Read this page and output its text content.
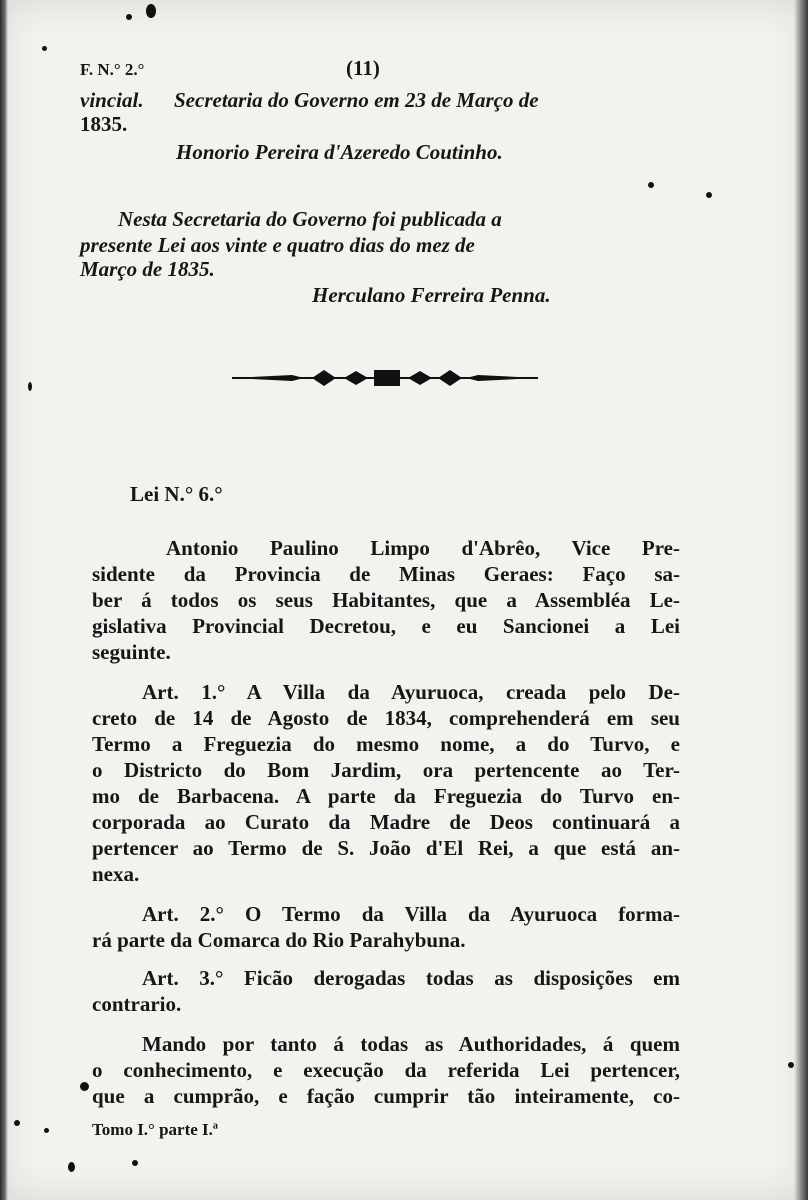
F. N.° 2.°	(11)
vincial. Secretaria do Governo em 23 de Março de
1835.
Honorio Pereira d'Azeredo Coutinho.
Nesta Secretaria do Governo foi publicada a
presente Lei aos vinte e quatro dias do mez de
Março de 1835.
Herculano Ferreira Penna.
Lei N.° 6.°
Antonio Paulino Limpo d'Abrêo, Vice Pre-
sidente da Provincia de Minas Geraes: Faço sa-
ber á todos os seus Habitantes, que a Assembléa Le-
gislativa Provincial Decretou, e eu Sancionei a Lei
seguinte.
Art. 1.° A Villa da Ayuruoca, creada pelo De-
creto de 14 de Agosto de 1834, comprehenderá em seu
Termo a Freguezia do mesmo nome, a do Turvo, e
o Districto do Bom Jardim, ora pertencente ao Ter-
mo de Barbacena. A parte da Freguezia do Turvo en-
corporada ao Curato da Madre de Deos continuará a
pertencer ao Termo de S. João d'El Rei, a que está an-
nexa.
Art. 2.° O Termo da Villa da Ayuruoca forma-
rá parte da Comarca do Rio Parahybuna.
Art. 3.° Ficão derogadas todas as disposições em
contrario.
Mando por tanto á todas as Authoridades, á quem
o conhecimento, e execução da referida Lei pertencer,
que a cumprão, e fação cumprir tão inteiramente, co-
Tomo I.° parte I.ª
